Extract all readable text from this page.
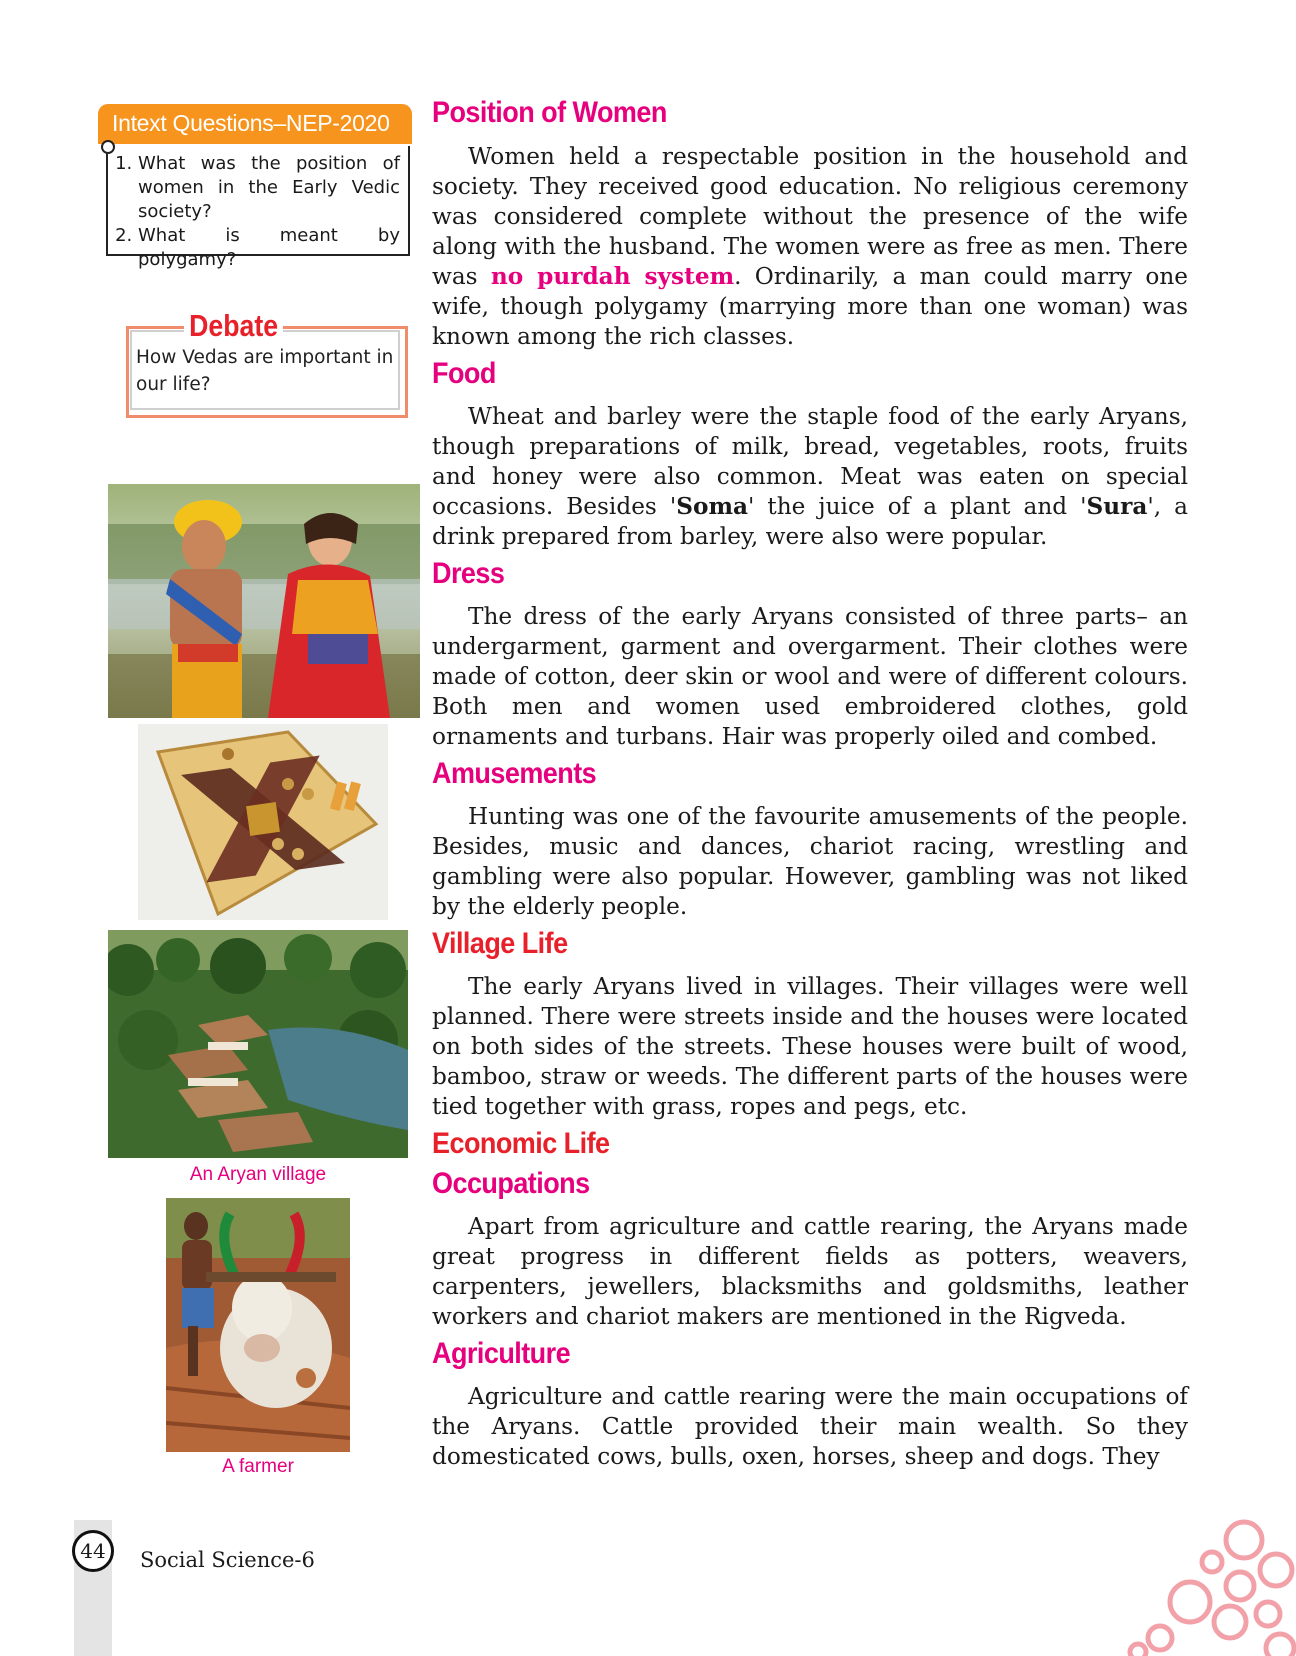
Intext Questions–NEP-2020
1. What was the position of women in the Early Vedic society?
2. What is meant by polygamy?
Debate
How Vedas are important in our life?
An Aryan village
A farmer
Position of Women
Women held a respectable position in the household and society. They received good education. No religious ceremony was considered complete without the presence of the wife along with the husband. The women were as free as men. There was no purdah system. Ordinarily, a man could marry one wife, though polygamy (marrying more than one woman) was known among the rich classes.
Food
Wheat and barley were the staple food of the early Aryans, though preparations of milk, bread, vegetables, roots, fruits and honey were also common. Meat was eaten on special occasions. Besides 'Soma' the juice of a plant and 'Sura', a drink prepared from barley, were also were popular.
Dress
The dress of the early Aryans consisted of three parts– an undergarment, garment and overgarment. Their clothes were made of cotton, deer skin or wool and were of different colours. Both men and women used embroidered clothes, gold ornaments and turbans. Hair was properly oiled and combed.
Amusements
Hunting was one of the favourite amusements of the people. Besides, music and dances, chariot racing, wrestling and gambling were also popular. However, gambling was not liked by the elderly people.
Village Life
The early Aryans lived in villages. Their villages were well planned. There were streets inside and the houses were located on both sides of the streets. These houses were built of wood, bamboo, straw or weeds. The different parts of the houses were tied together with grass, ropes and pegs, etc.
Economic Life
Occupations
Apart from agriculture and cattle rearing, the Aryans made great progress in different fields as potters, weavers, carpenters, jewellers, blacksmiths and goldsmiths, leather workers and chariot makers are mentioned in the Rigveda.
Agriculture
Agriculture and cattle rearing were the main occupations of the Aryans. Cattle provided their main wealth. So they domesticated cows, bulls, oxen, horses, sheep and dogs. They
44	Social Science-6
